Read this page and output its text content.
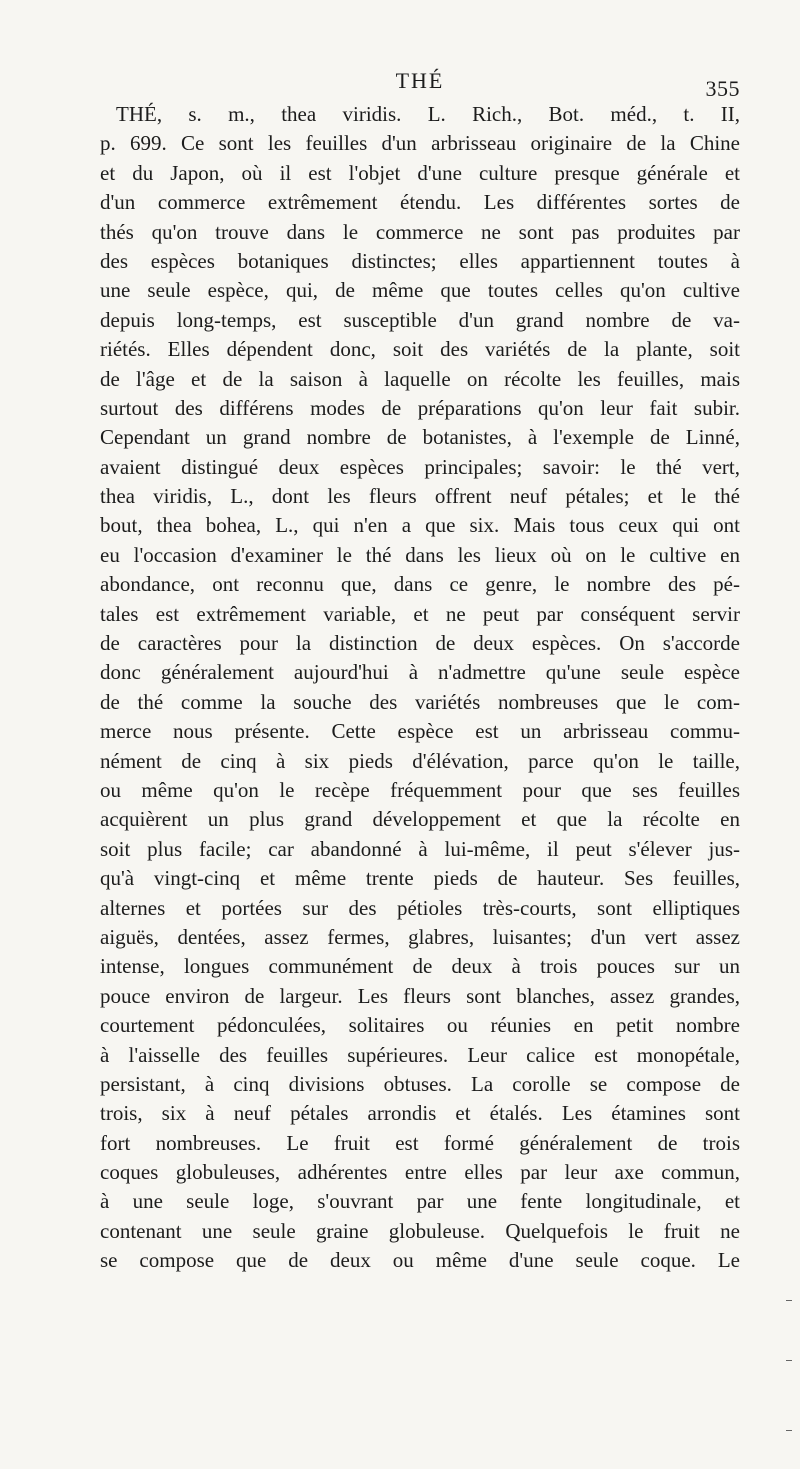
THÉ	355
THÉ, s. m., thea viridis. L. Rich., Bot. méd., t. II,
p. 699. Ce sont les feuilles d'un arbrisseau originaire de la Chine
et du Japon, où il est l'objet d'une culture presque générale et
d'un commerce extrêmement étendu. Les différentes sortes de
thés qu'on trouve dans le commerce ne sont pas produites par
des espèces botaniques distinctes; elles appartiennent toutes à
une seule espèce, qui, de même que toutes celles qu'on cultive
depuis long-temps, est susceptible d'un grand nombre de va-
riétés. Elles dépendent donc, soit des variétés de la plante, soit
de l'âge et de la saison à laquelle on récolte les feuilles, mais
surtout des différens modes de préparations qu'on leur fait subir.
Cependant un grand nombre de botanistes, à l'exemple de Linné,
avaient distingué deux espèces principales; savoir: le thé vert,
thea viridis, L., dont les fleurs offrent neuf pétales; et le thé
bout, thea bohea, L., qui n'en a que six. Mais tous ceux qui ont
eu l'occasion d'examiner le thé dans les lieux où on le cultive en
abondance, ont reconnu que, dans ce genre, le nombre des pé-
tales est extrêmement variable, et ne peut par conséquent servir
de caractères pour la distinction de deux espèces. On s'accorde
donc généralement aujourd'hui à n'admettre qu'une seule espèce
de thé comme la souche des variétés nombreuses que le com-
merce nous présente. Cette espèce est un arbrisseau commu-
nément de cinq à six pieds d'élévation, parce qu'on le taille,
ou même qu'on le recèpe fréquemment pour que ses feuilles
acquièrent un plus grand développement et que la récolte en
soit plus facile; car abandonné à lui-même, il peut s'élever jus-
qu'à vingt-cinq et même trente pieds de hauteur. Ses feuilles,
alternes et portées sur des pétioles très-courts, sont elliptiques
aiguës, dentées, assez fermes, glabres, luisantes; d'un vert assez
intense, longues communément de deux à trois pouces sur un
pouce environ de largeur. Les fleurs sont blanches, assez grandes,
courtement pédonculées, solitaires ou réunies en petit nombre
à l'aisselle des feuilles supérieures. Leur calice est monopétale,
persistant, à cinq divisions obtuses. La corolle se compose de
trois, six à neuf pétales arrondis et étalés. Les étamines sont
fort nombreuses. Le fruit est formé généralement de trois
coques globuleuses, adhérentes entre elles par leur axe commun,
à une seule loge, s'ouvrant par une fente longitudinale, et
contenant une seule graine globuleuse. Quelquefois le fruit ne
se compose que de deux ou même d'une seule coque. Le
